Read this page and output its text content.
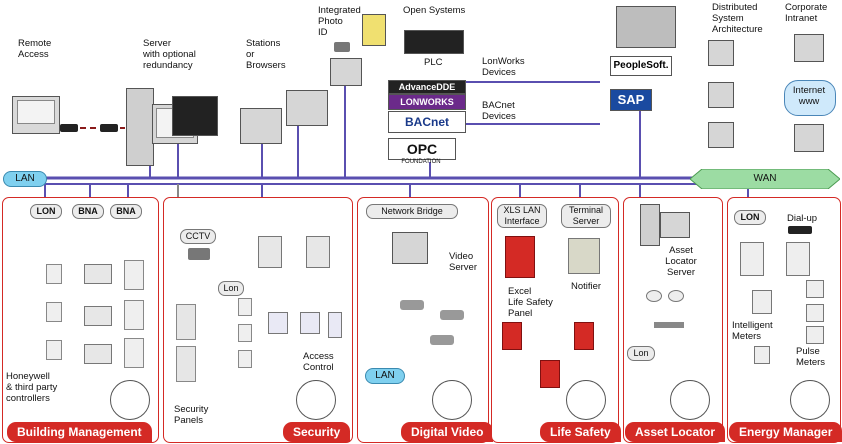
LAN	WAN
Remote
Access
Server
with optional
redundancy
Stations
or
Browsers
Integrated
Photo
ID
Open Systems
PLC	LonWorks
Devices
BACnet
Devices
Distributed
System
Architecture
Corporate
Intranet
Internet
www
AdvanceDDE
LONWORKS
BACnet
OPC
FOUNDATION
PeopleSoft.
SAP
Building Management
LON	BNA	BNA
Honeywell
& third party
controllers
Security
CCTV
Lon
Security
Panels
Access
Control
Digital Video
Network Bridge
Video
Server
LAN
Life Safety
XLS LAN
Interface
Terminal
Server
Excel
Life Safety
Panel
Notifier
Asset Locator
Asset
Locator
Server
Lon
Energy Manager
LON	Dial-up
Intelligent
Meters
Pulse
Meters
